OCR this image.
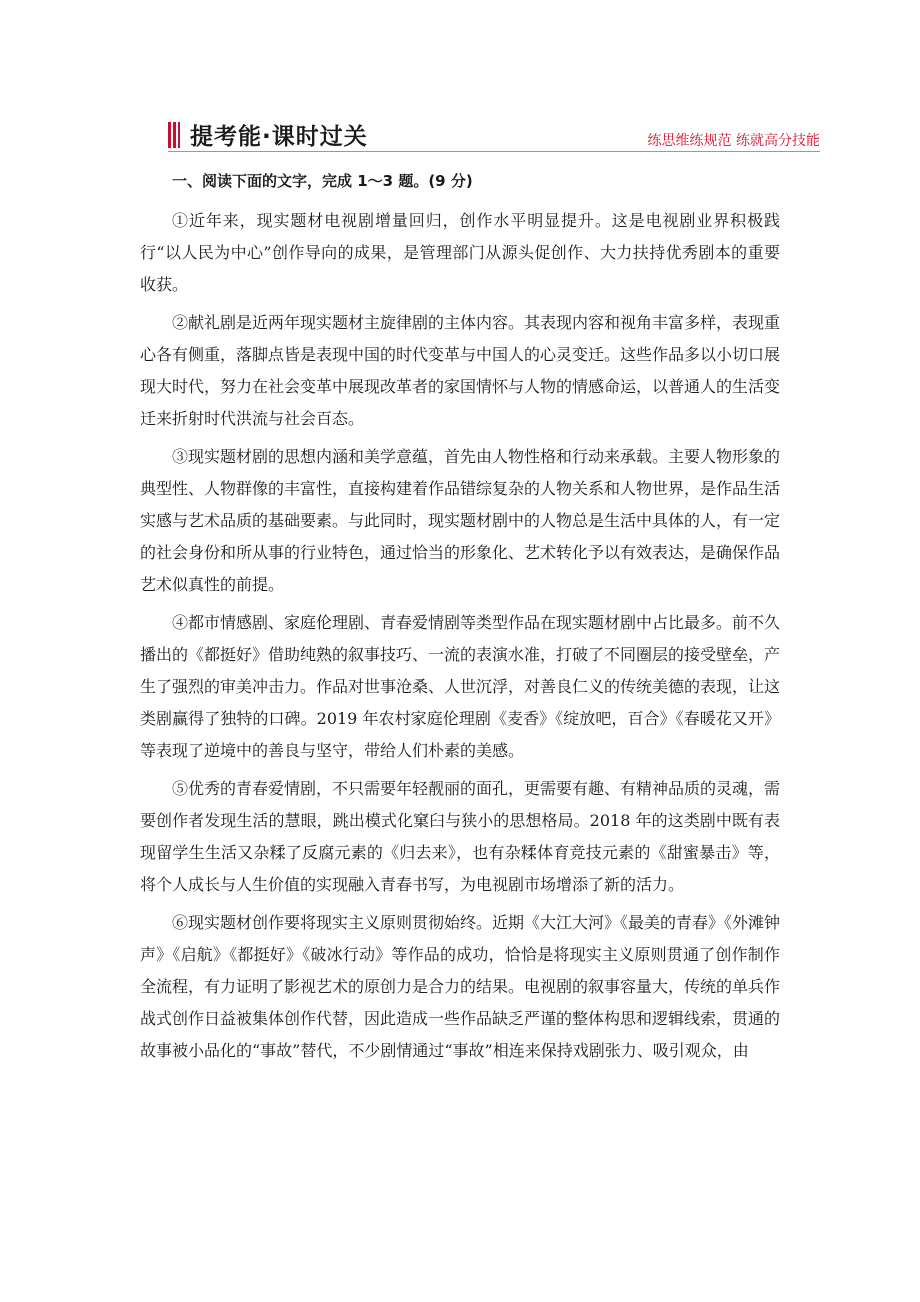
提考能·课时过关	练思维练规范 练就高分技能
一、阅读下面的文字，完成 1～3 题。(9 分)

①近年来，现实题材电视剧增量回归，创作水平明显提升。这是电视剧业界积极践行“以人民为中心”创作导向的成果，是管理部门从源头促创作、大力扶持优秀剧本的重要收获。

②献礼剧是近两年现实题材主旋律剧的主体内容。其表现内容和视角丰富多样，表现重心各有侧重，落脚点皆是表现中国的时代变革与中国人的心灵变迁。这些作品多以小切口展现大时代，努力在社会变革中展现改革者的家国情怀与人物的情感命运，以普通人的生活变迁来折射时代洪流与社会百态。

③现实题材剧的思想内涵和美学意蕴，首先由人物性格和行动来承载。主要人物形象的典型性、人物群像的丰富性，直接构建着作品错综复杂的人物关系和人物世界，是作品生活实感与艺术品质的基础要素。与此同时，现实题材剧中的人物总是生活中具体的人，有一定的社会身份和所从事的行业特色，通过恰当的形象化、艺术转化予以有效表达，是确保作品艺术似真性的前提。

④都市情感剧、家庭伦理剧、青春爱情剧等类型作品在现实题材剧中占比最多。前不久播出的《都挺好》借助纯熟的叙事技巧、一流的表演水准，打破了不同圈层的接受壁垒，产生了强烈的审美冲击力。作品对世事沧桑、人世沉浮，对善良仁义的传统美德的表现，让这类剧赢得了独特的口碑。2019 年农村家庭伦理剧《麦香》《绽放吧，百合》《春暖花又开》等表现了逆境中的善良与坚守，带给人们朴素的美感。

⑤优秀的青春爱情剧，不只需要年轻靓丽的面孔，更需要有趣、有精神品质的灵魂，需要创作者发现生活的慧眼，跳出模式化窠臼与狭小的思想格局。2018 年的这类剧中既有表现留学生生活又杂糅了反腐元素的《归去来》，也有杂糅体育竞技元素的《甜蜜暴击》等，将个人成长与人生价值的实现融入青春书写，为电视剧市场增添了新的活力。

⑥现实题材创作要将现实主义原则贯彻始终。近期《大江大河》《最美的青春》《外滩钟声》《启航》《都挺好》《破冰行动》等作品的成功，恰恰是将现实主义原则贯通了创作制作全流程，有力证明了影视艺术的原创力是合力的结果。电视剧的叙事容量大，传统的单兵作战式创作日益被集体创作代替，因此造成一些作品缺乏严谨的整体构思和逻辑线索，贯通的故事被小品化的“事故”替代，不少剧情通过“事故”相连来保持戏剧张力、吸引观众，由
